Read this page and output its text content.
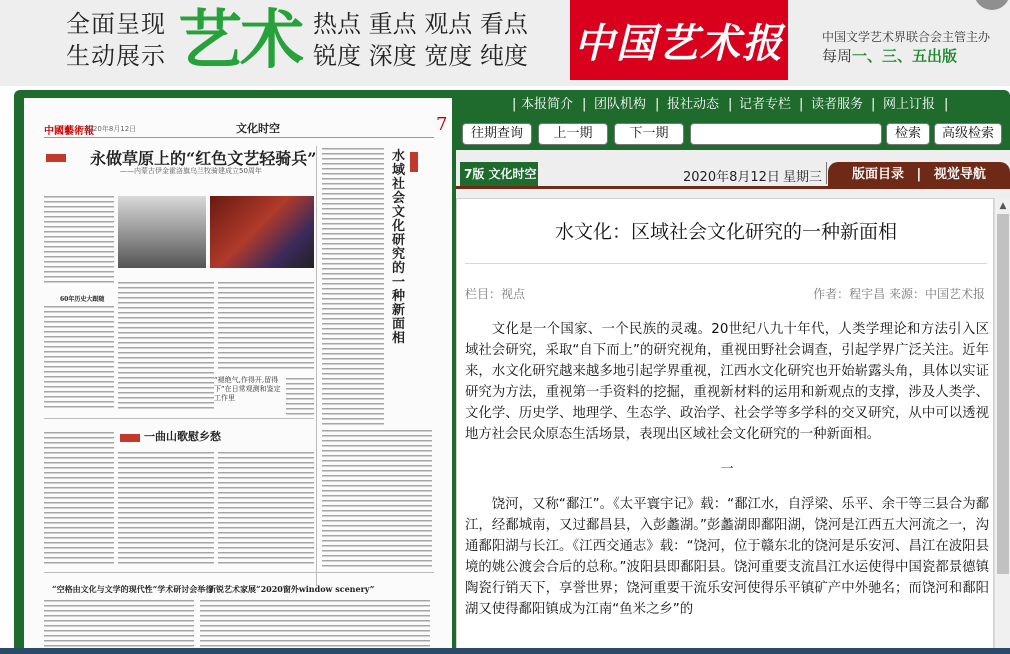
全面呈现
生动展示 艺术 热点 重点 观点 看点
锐度 深度 宽度 纯度 中国艺术报	中国文学艺术界联合会主管主办
每周一、三、五出版
中國藝術報
2020年8月12日	文化时空	7
永做草原上的“红色文艺轻骑兵”
——内蒙古伊金霍洛旗乌兰牧骑建成立50周年
水域社会文化研究的一种新面相
60年历史大跟随
“褪绝气,作得开,留得下”在日常观测和鉴定工作里
一曲山歌慰乡愁
“空格由文化与文学的现代性”学术研讨会举行
新锐艺术家展“2020窗外window scenery”
| 本报简介 | 团队机构 | 报社动态 | 记者专栏 | 读者服务 | 网上订报 |
往期查询	上一期	下一期	检索	高级检索
7版 文化时空	2020年8月12日 星期三	版面目录 | 视觉导航
水文化：区域社会文化研究的一种新面相
栏目：视点	作者：程宇昌 来源：中国艺术报

文化是一个国家、一个民族的灵魂。20世纪八九十年代，人类学理论和方法引入区域社会研究，采取“自下而上”的研究视角，重视田野社会调查，引起学界广泛关注。近年来，水文化研究越来越多地引起学界重视，江西水文化研究也开始崭露头角，具体以实证研究为方法，重视第一手资料的挖掘，重视新材料的运用和新观点的支撑，涉及人类学、文化学、历史学、地理学、生态学、政治学、社会学等多学科的交叉研究，从中可以透视地方社会民众原态生活场景，表现出区域社会文化研究的一种新面相。

一

饶河，又称“鄱江”。《太平寰宇记》载：“鄱江水，自浮梁、乐平、余干等三县合为鄱江，经鄱城南，又过鄱昌县，入彭蠡湖。”彭蠡湖即鄱阳湖，饶河是江西五大河流之一，沟通鄱阳湖与长江。《江西交通志》载：“饶河，位于赣东北的饶河是乐安河、昌江在波阳县境的姚公渡会合后的总称。”波阳县即鄱阳县。饶河重要支流昌江水运使得中国瓷都景德镇陶瓷行销天下，享誉世界；饶河重要干流乐安河使得乐平镇矿产中外驰名；而饶河和鄱阳湖又使得鄱阳镇成为江南“鱼米之乡”的

▲
